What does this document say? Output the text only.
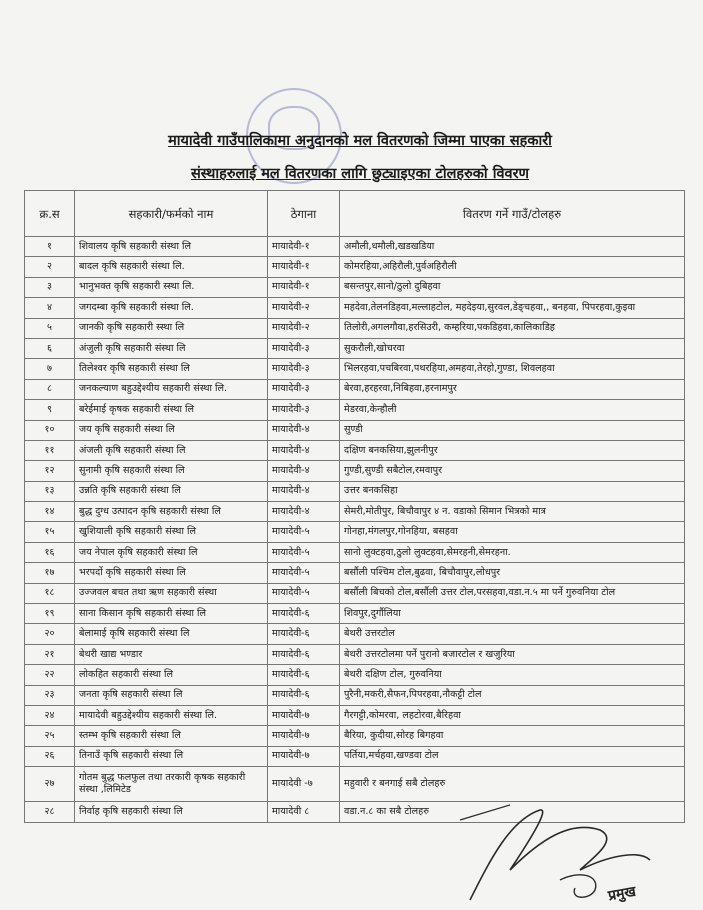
मायादेवी गाउँपालिकामा अनुदानको मल वितरणको जिम्मा पाएका सहकारी
संस्थाहरुलाई मल वितरणका लागि छुट्याइएका टोलहरुको विवरण
क्र.स	सहकारी/फर्मको नाम	ठेगाना	वितरण गर्ने गाउँ/टोलहरु
१	शिवालय कृषि सहकारी संस्था लि	मायादेवी-१	अमौली,धमौली,खडखडिया
२	बादल कृषि सहकारी संस्था लि.	मायादेवी-१	कोमरहिया,अहिरौली,पुर्वअहिरौली
३	भानुभक्त कृषि सहकारी स्स्था लि.	मायादेवी-१	बसन्तपुर,सानो/ठुलो दुबिहवा
४	जगदम्बा कृषि सहकारी संस्था लि.	मायादेवी-२	महदेवा,तेलनडिहवा,मल्लाहटोल, महदेइया,सुरवल,डेङ्चहवा,, बनहवा, पिपरहवा,कुइवा
५	जानकी कृषि सहकारी स्स्था लि	मायादेवी-२	तिलोरी,अगलगौवा,हरसिउरी, कम्हरिया,पकडिहवा,कालिकाडिह
६	अंजुली कृषि सहकारी संस्था लि	मायादेवी-३	सुकरौली,खोचरवा
७	तिलेश्वर कृषि सहकारी संस्था लि	मायादेवी-३	भिलरहवा,पचबिरवा,पथरहिया,अमहवा,तेरहो,गुण्डा, शिवलहवा
८	जनकल्याण बहुउद्देश्यीय सहकारी संस्था लि.	मायादेवी-३	बेरवा,हरहरवा,निबिहवा,हरनामपुर
९	बरेईमाई कृषक सहकारी संस्था लि	मायादेवी-३	मेडरवा,केन्हौली
१०	जय कृषि सहकारी संस्था लि	मायादेवी-४	सुण्डी
११	अंजली कृषि सहकारी संस्था लि	मायादेवी-४	दक्षिण बनकसिया,झुलनीपुर
१२	सुनामी कृषि सहकारी संस्था लि	मायादेवी-४	गुण्डी,सुण्डी सबैटोल,रमवापुर
१३	उन्नति कृषि सहकारी संस्था लि	मायादेवी-४	उत्तर बनकसिहा
१४	बुद्ध दुग्ध उत्पादन कृषि सहकारी संस्था लि	मायादेवी-४	सेमरी,मोतीपुर, बिचौवापुर ४ न. वडाको सिमान भित्रको मात्र
१५	खुशियाली कृषि सहकारी संस्था लि	मायादेवी-५	गोनहा,मंगलपुर,गोनहिया, बसहवा
१६	जय नेपाल कृषि सहकारी संस्था लि	मायादेवी-५	सानो लुक्टहवा,ठुलो लुक्टहवा,सेमरहनी,सेमरहना.
१७	भरपर्दो कृषि सहकारी संस्था लि	मायादेवी-५	बर्सौली पश्चिम टोल,बुढवा, बिचौवापुर,लोधपुर
१८	उज्जवल बचत तथा ऋण सहकारी संस्था	मायादेवी-५	बर्सौली बिचको टोल,बर्सौली उत्तर टोल,परसहवा,वडा.न.५ मा पर्ने गुरुवनिया टोल
१९	साना किसान कृषि सहकारी संस्था लि	मायादेवी-६	शिवपुर,दुर्गौलिया
२०	बेलामाई कृषि सहकारी संस्था लि	मायादेवी-६	बेथरी उत्तरटोल
२१	बेथरी खाद्य भण्डार	मायादेवी-६	बेथरी उत्तरटोलमा पर्ने पुरानो बजारटोल र खजुरिया
२२	लोकहित सहकारी संस्था लि	मायादेवी-६	बेथरी दक्षिण टोल, गुरुवनिया
२३	जनता कृषि सहकारी संस्था लि	मायादेवी-६	पुरैनी,मकरी,सैफन,पिपरहवा,नौकट्टी टोल
२४	मायादेवी बहुउद्देश्यीय सहकारी संस्था लि.	मायादेवी-७	गैरगट्टी,कोमरवा, लहटोरवा,बैरिहवा
२५	स्तम्भ कृषि सहकारी संस्था लि	मायादेवी-७	बैरिया, कुदीया,सोरह बिगहवा
२६	तिनाउँ कृषि सहकारी संस्था लि	मायादेवी-७	पर्तिया,मर्चहवा,खण्डवा टोल
२७	गोतम बुद्ध फलफुल तथा तरकारी कृषक सहकारी संस्था ,लिमिटेड	मायादेवी -७	महुवारी र बनगाई सबै टोलहरु
२८	निर्वाह कृषि सहकारी संस्था लि	मायादेवी ८	वडा.न.८ का सबै टोलहरु
प्रमुख
